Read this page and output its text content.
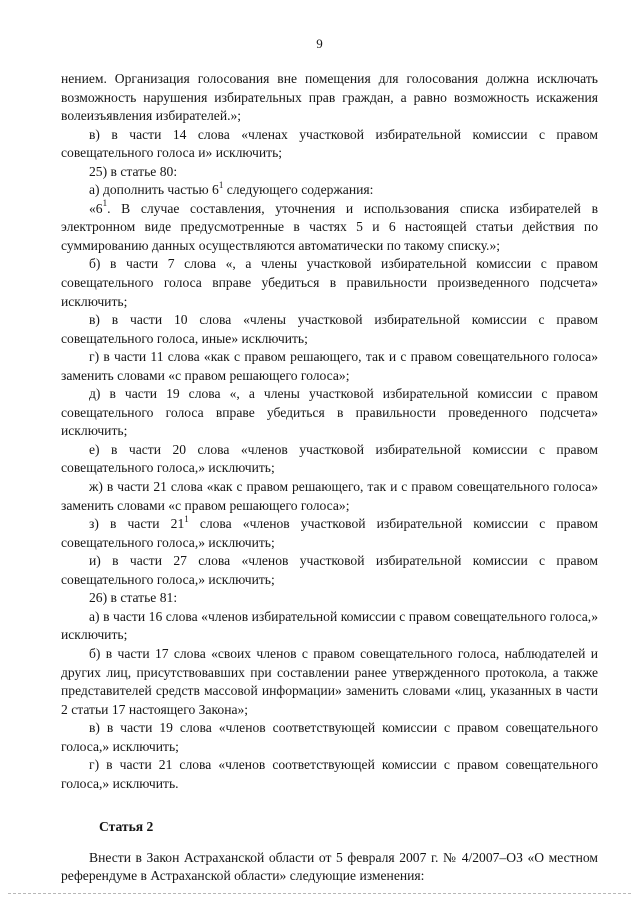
9

нением. Организация голосования вне помещения для голосования должна исключать возможность нарушения избирательных прав граждан, а равно возможность искажения волеизъявления избирателей.»;

в) в части 14 слова «членах участковой избирательной комиссии с правом совещательного голоса и» исключить;

25) в статье 80:

а) дополнить частью $6^1$ следующего содержания:

«$6^1$. В случае составления, уточнения и использования списка избирателей в электронном виде предусмотренные в частях 5 и 6 настоящей статьи действия по суммированию данных осуществляются автоматически по такому списку.»;

б) в части 7 слова «, а члены участковой избирательной комиссии с правом совещательного голоса вправе убедиться в правильности произведенного подсчета» исключить;

в) в части 10 слова «члены участковой избирательной комиссии с правом совещательного голоса, иные» исключить;

г) в части 11 слова «как с правом решающего, так и с правом совещательного голоса» заменить словами «с правом решающего голоса»;

д) в части 19 слова «, а члены участковой избирательной комиссии с правом совещательного голоса вправе убедиться в правильности проведенного подсчета» исключить;

е) в части 20 слова «членов участковой избирательной комиссии с правом совещательного голоса,» исключить;

ж) в части 21 слова «как с правом решающего, так и с правом совещательного голоса» заменить словами «с правом решающего голоса»;

з) в части $21^1$ слова «членов участковой избирательной комиссии с правом совещательного голоса,» исключить;

и) в части 27 слова «членов участковой избирательной комиссии с правом совещательного голоса,» исключить;

26) в статье 81:

а) в части 16 слова «членов избирательной комиссии с правом совещательного голоса,» исключить;

б) в части 17 слова «своих членов с правом совещательного голоса, наблюдателей и других лиц, присутствовавших при составлении ранее утвержденного протокола, а также представителей средств массовой информации» заменить словами «лиц, указанных в части 2 статьи 17 настоящего Закона»;

в) в части 19 слова «членов соответствующей комиссии с правом совещательного голоса,» исключить;

г) в части 21 слова «членов соответствующей комиссии с правом совещательного голоса,» исключить.

Статья 2

Внести в Закон Астраханской области от 5 февраля 2007 г. № 4/2007–ОЗ «О местном референдуме в Астраханской области» следующие изменения:
